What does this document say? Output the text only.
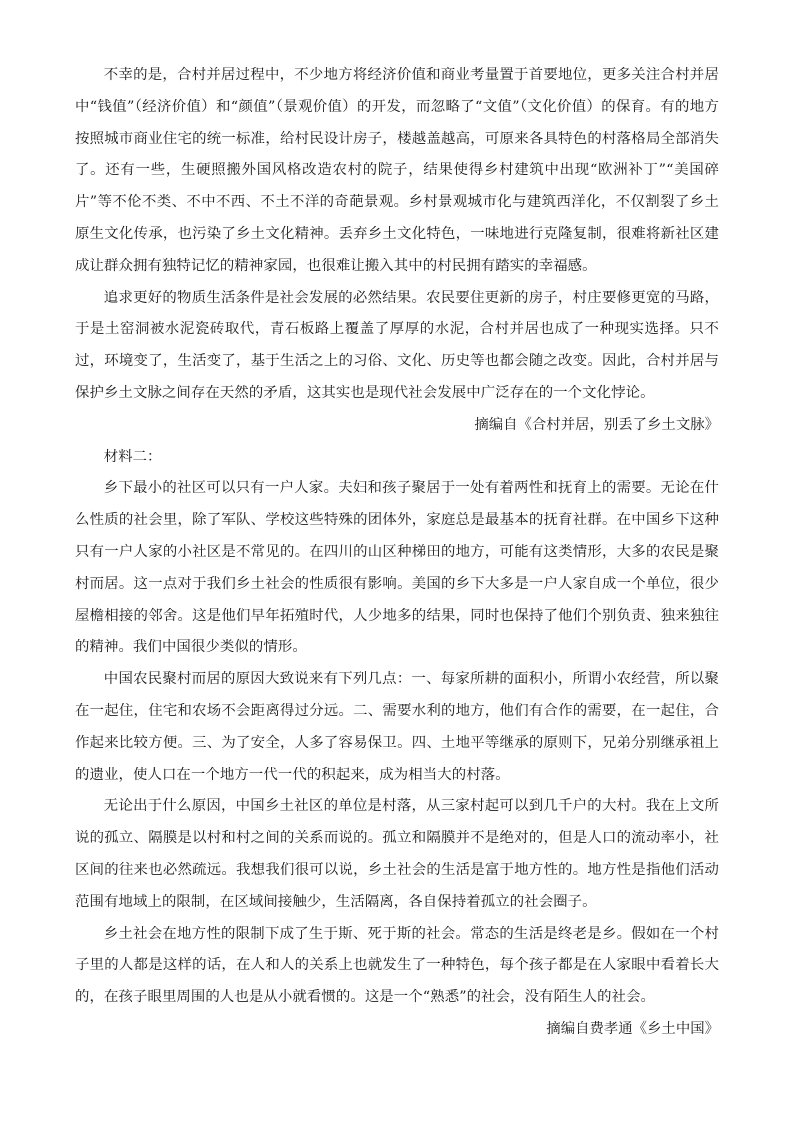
不幸的是，合村并居过程中，不少地方将经济价值和商业考量置于首要地位，更多关注合村并居中“钱值”（经济价值）和“颜值”（景观价值）的开发，而忽略了“文值”（文化价值）的保育。有的地方按照城市商业住宅的统一标准，给村民设计房子，楼越盖越高，可原来各具特色的村落格局全部消失了。还有一些，生硬照搬外国风格改造农村的院子，结果使得乡村建筑中出现“欧洲补丁”“美国碎片”等不伦不类、不中不西、不土不洋的奇葩景观。乡村景观城市化与建筑西洋化，不仅割裂了乡土原生文化传承，也污染了乡土文化精神。丢弃乡土文化特色，一味地进行克隆复制，很难将新社区建成让群众拥有独特记忆的精神家园，也很难让搬入其中的村民拥有踏实的幸福感。

追求更好的物质生活条件是社会发展的必然结果。农民要住更新的房子，村庄要修更宽的马路，于是土窑洞被水泥瓷砖取代，青石板路上覆盖了厚厚的水泥，合村并居也成了一种现实选择。只不过，环境变了，生活变了，基于生活之上的习俗、文化、历史等也都会随之改变。因此，合村并居与保护乡土文脉之间存在天然的矛盾，这其实也是现代社会发展中广泛存在的一个文化悖论。

摘编自《合村并居，别丢了乡土文脉》

材料二：

乡下最小的社区可以只有一户人家。夫妇和孩子聚居于一处有着两性和抚育上的需要。无论在什么性质的社会里，除了军队、学校这些特殊的团体外，家庭总是最基本的抚育社群。在中国乡下这种只有一户人家的小社区是不常见的。在四川的山区种梯田的地方，可能有这类情形，大多的农民是聚村而居。这一点对于我们乡土社会的性质很有影响。美国的乡下大多是一户人家自成一个单位，很少屋檐相接的邻舍。这是他们早年拓殖时代，人少地多的结果，同时也保持了他们个别负责、独来独往的精神。我们中国很少类似的情形。

中国农民聚村而居的原因大致说来有下列几点：一、每家所耕的面积小，所谓小农经营，所以聚在一起住，住宅和农场不会距离得过分远。二、需要水利的地方，他们有合作的需要，在一起住，合作起来比较方便。三、为了安全，人多了容易保卫。四、土地平等继承的原则下，兄弟分别继承祖上的遗业，使人口在一个地方一代一代的积起来，成为相当大的村落。

无论出于什么原因，中国乡土社区的单位是村落，从三家村起可以到几千户的大村。我在上文所说的孤立、隔膜是以村和村之间的关系而说的。孤立和隔膜并不是绝对的，但是人口的流动率小，社区间的往来也必然疏远。我想我们很可以说，乡土社会的生活是富于地方性的。地方性是指他们活动范围有地域上的限制，在区域间接触少，生活隔离，各自保持着孤立的社会圈子。

乡土社会在地方性的限制下成了生于斯、死于斯的社会。常态的生活是终老是乡。假如在一个村子里的人都是这样的话，在人和人的关系上也就发生了一种特色，每个孩子都是在人家眼中看着长大的，在孩子眼里周围的人也是从小就看惯的。这是一个“熟悉”的社会，没有陌生人的社会。

摘编自费孝通《乡土中国》
